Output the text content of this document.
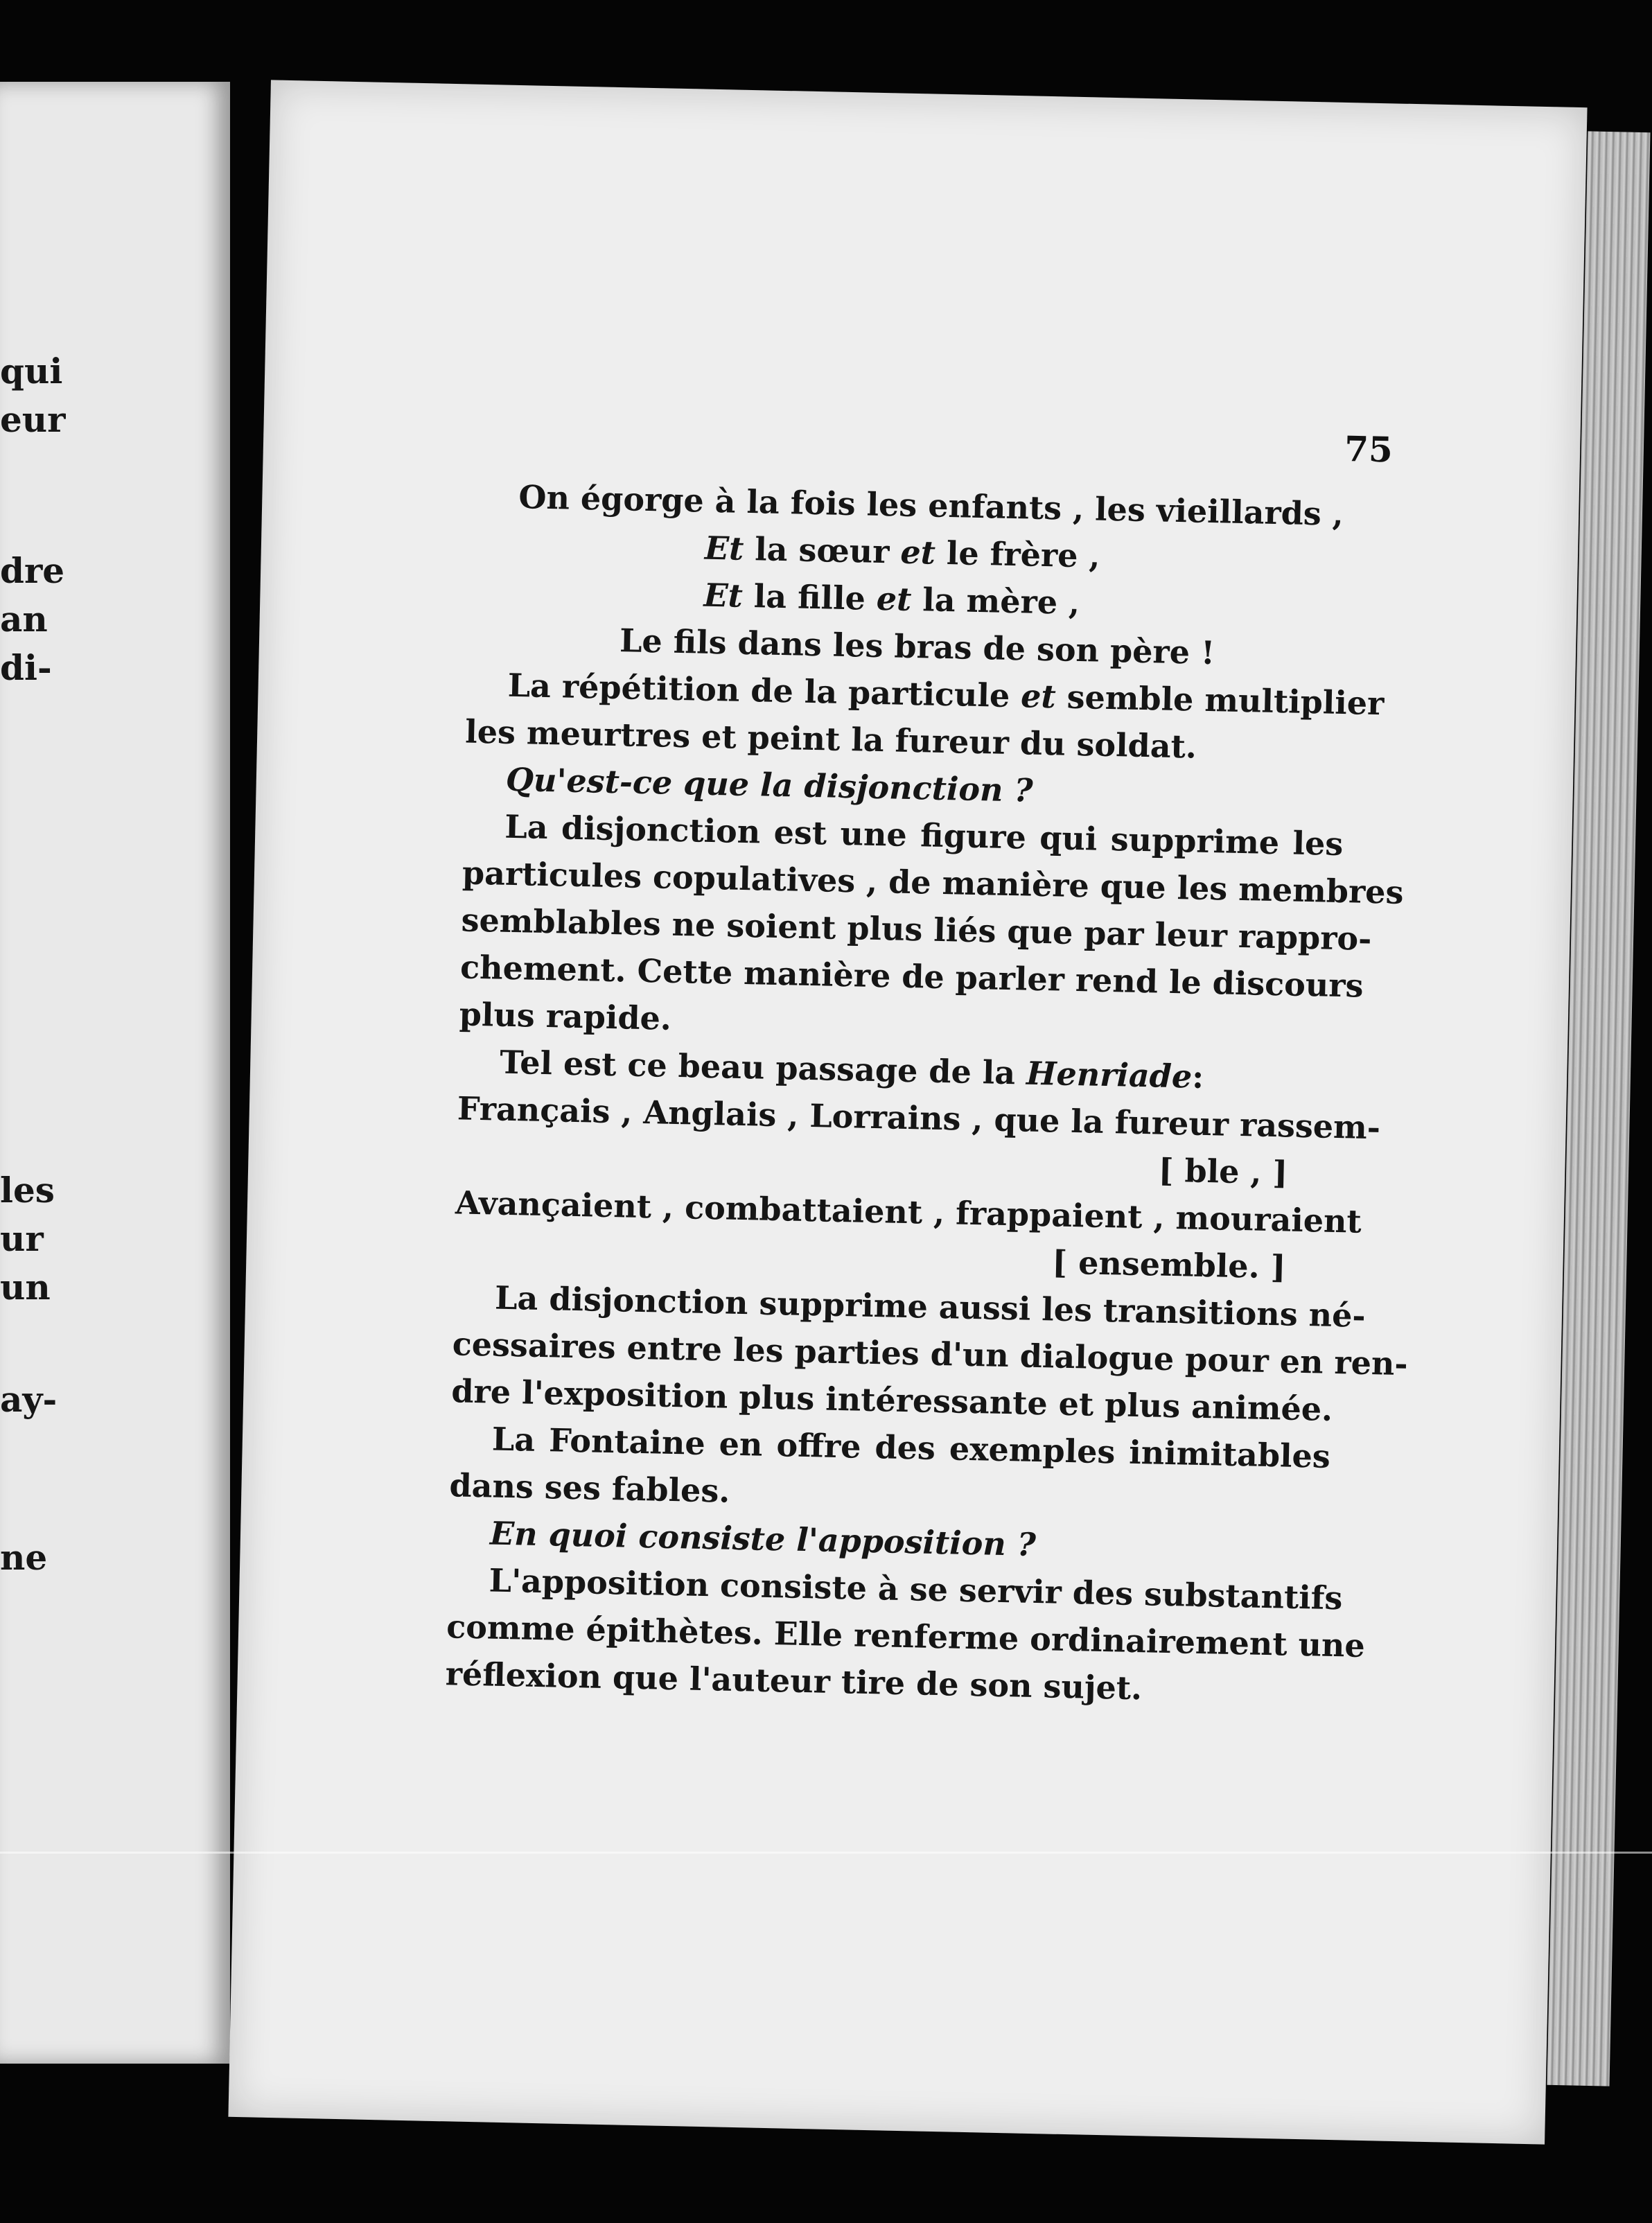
qui
eur
dre
an
di-
les
ur
un
ay-
ne
75
On égorge à la fois les enfants , les vieillards ,
Et la sœur et le frère ,
Et la fille et la mère ,
Le fils dans les bras de son père !
La répétition de la particule et semble multiplier
les meurtres et peint la fureur du soldat.
Qu'est-ce que la disjonction ?
La disjonction est une figure qui supprime les
particules copulatives , de manière que les membres
semblables ne soient plus liés que par leur rappro-
chement. Cette manière de parler rend le discours
plus rapide.
Tel est ce beau passage de la Henriade:
Français , Anglais , Lorrains , que la fureur rassem-
[ ble , ]
Avançaient , combattaient , frappaient , mouraient
[ ensemble. ]
La disjonction supprime aussi les transitions né-
cessaires entre les parties d'un dialogue pour en ren-
dre l'exposition plus intéressante et plus animée.
La Fontaine en offre des exemples inimitables
dans ses fables.
En quoi consiste l'apposition ?
L'apposition consiste à se servir des substantifs
comme épithètes. Elle renferme ordinairement une
réflexion que l'auteur tire de son sujet.
